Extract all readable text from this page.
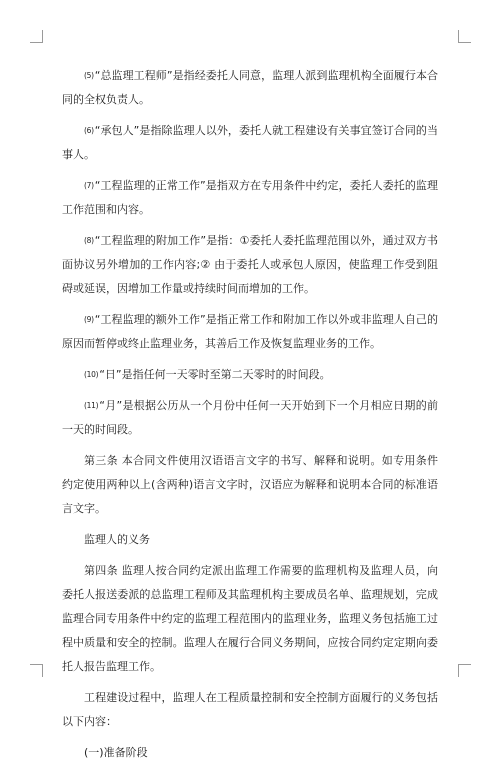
(5)“总监理工程师”是指经委托人同意，监理人派到监理机构全面履行本合同的全权负责人。

(6)“承包人”是指除监理人以外，委托人就工程建设有关事宜签订合同的当事人。

(7)“工程监理的正常工作”是指双方在专用条件中约定，委托人委托的监理工作范围和内容。

(8)“工程监理的附加工作”是指：①委托人委托监理范围以外，通过双方书面协议另外增加的工作内容;② 由于委托人或承包人原因，使监理工作受到阻碍或延误，因增加工作量或持续时间而增加的工作。

(9)“工程监理的额外工作”是指正常工作和附加工作以外或非监理人自己的原因而暂停或终止监理业务，其善后工作及恢复监理业务的工作。

(10)“日”是指任何一天零时至第二天零时的时间段。

(11)“月”是根据公历从一个月份中任何一天开始到下一个月相应日期的前一天的时间段。

第三条 本合同文件使用汉语语言文字的书写、解释和说明。如专用条件约定使用两种以上(含两种)语言文字时，汉语应为解释和说明本合同的标准语言文字。

监理人的义务

第四条 监理人按合同约定派出监理工作需要的监理机构及监理人员，向委托人报送委派的总监理工程师及其监理机构主要成员名单、监理规划，完成监理合同专用条件中约定的监理工程范围内的监理业务，监理义务包括施工过程中质量和安全的控制。监理人在履行合同义务期间，应按合同约定定期向委托人报告监理工作。

工程建设过程中，监理人在工程质量控制和安全控制方面履行的义务包括以下内容：

(一)准备阶段
